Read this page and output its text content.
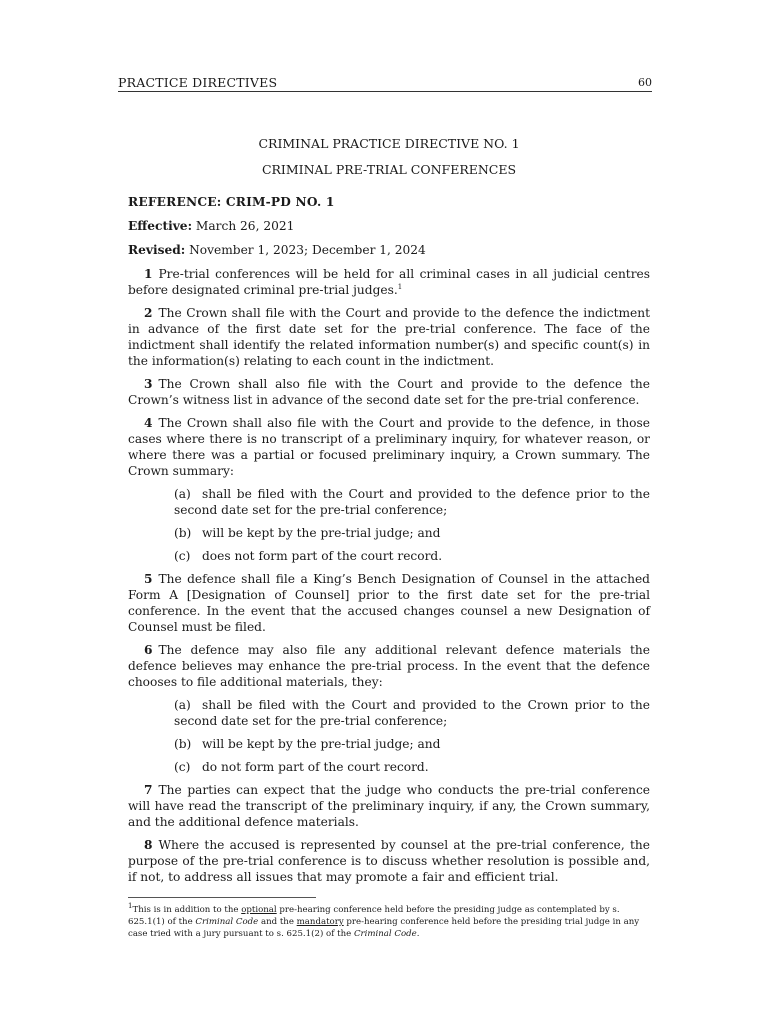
PRACTICE DIRECTIVES	60
CRIMINAL PRACTICE DIRECTIVE NO. 1
CRIMINAL PRE-TRIAL CONFERENCES
REFERENCE: CRIM-PD NO. 1
Effective: March 26, 2021
Revised: November 1, 2023; December 1, 2024

1 Pre-trial conferences will be held for all criminal cases in all judicial centres before designated criminal pre-trial judges.$^1$

2 The Crown shall file with the Court and provide to the defence the indictment in advance of the first date set for the pre-trial conference. The face of the indictment shall identify the related information number(s) and specific count(s) in the information(s) relating to each count in the indictment.

3 The Crown shall also file with the Court and provide to the defence the Crown’s witness list in advance of the second date set for the pre-trial conference.

4 The Crown shall also file with the Court and provide to the defence, in those cases where there is no transcript of a preliminary inquiry, for whatever reason, or where there was a partial or focused preliminary inquiry, a Crown summary. The Crown summary:

(a) shall be filed with the Court and provided to the defence prior to the second date set for the pre-trial conference;

(b) will be kept by the pre-trial judge; and

(c) does not form part of the court record.

5 The defence shall file a King’s Bench Designation of Counsel in the attached Form A [Designation of Counsel] prior to the first date set for the pre-trial conference. In the event that the accused changes counsel a new Designation of Counsel must be filed.

6 The defence may also file any additional relevant defence materials the defence believes may enhance the pre-trial process. In the event that the defence chooses to file additional materials, they:

(a) shall be filed with the Court and provided to the Crown prior to the second date set for the pre-trial conference;

(b) will be kept by the pre-trial judge; and

(c) do not form part of the court record.

7 The parties can expect that the judge who conducts the pre-trial conference will have read the transcript of the preliminary inquiry, if any, the Crown summary, and the additional defence materials.

8 Where the accused is represented by counsel at the pre-trial conference, the purpose of the pre-trial conference is to discuss whether resolution is possible and, if not, to address all issues that may promote a fair and efficient trial.

$^1$This is in addition to the optional pre-hearing conference held before the presiding judge as contemplated by s. 625.1(1) of the Criminal Code and the mandatory pre-hearing conference held before the presiding trial judge in any case tried with a jury pursuant to s. 625.1(2) of the Criminal Code.
